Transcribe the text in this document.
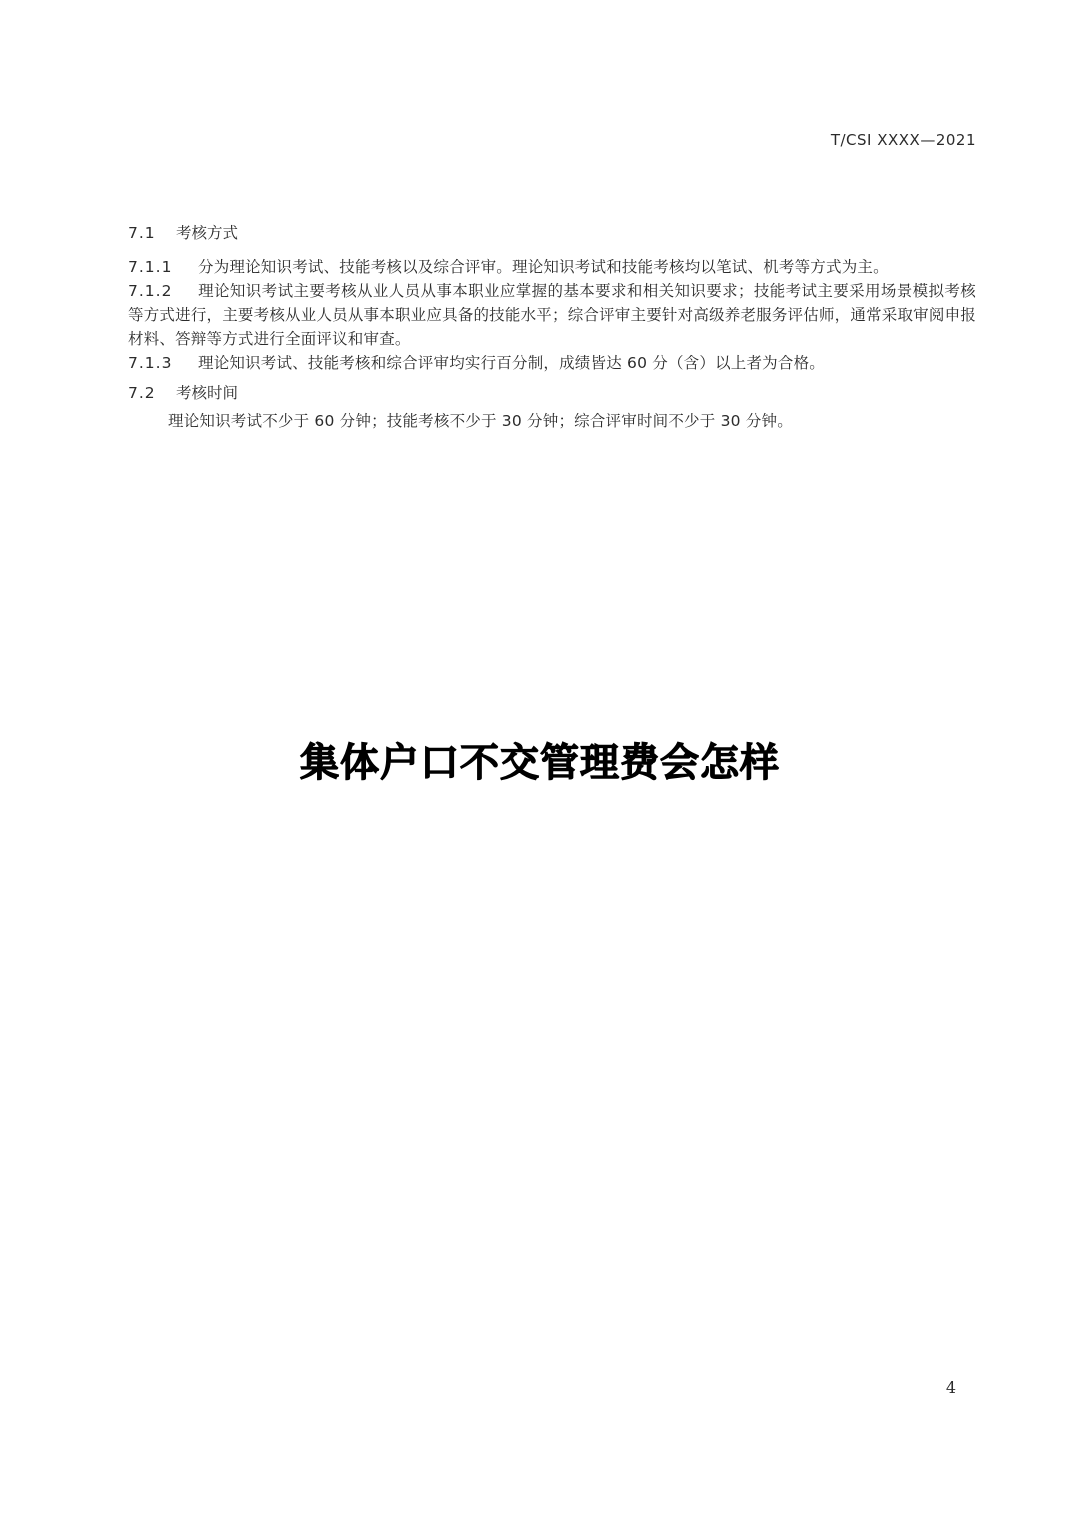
T/CSI XXXX—2021
7.1 考核方式
7.1.1 分为理论知识考试、技能考核以及综合评审。理论知识考试和技能考核均以笔试、机考等方式为主。
7.1.2 理论知识考试主要考核从业人员从事本职业应掌握的基本要求和相关知识要求；技能考试主要采用场景模拟考核等方式进行，主要考核从业人员从事本职业应具备的技能水平；综合评审主要针对高级养老服务评估师，通常采取审阅申报材料、答辩等方式进行全面评议和审查。
7.1.3 理论知识考试、技能考核和综合评审均实行百分制，成绩皆达 60 分（含）以上者为合格。
7.2 考核时间
理论知识考试不少于 60 分钟；技能考核不少于 30 分钟；综合评审时间不少于 30 分钟。
集体户口不交管理费会怎样
4
